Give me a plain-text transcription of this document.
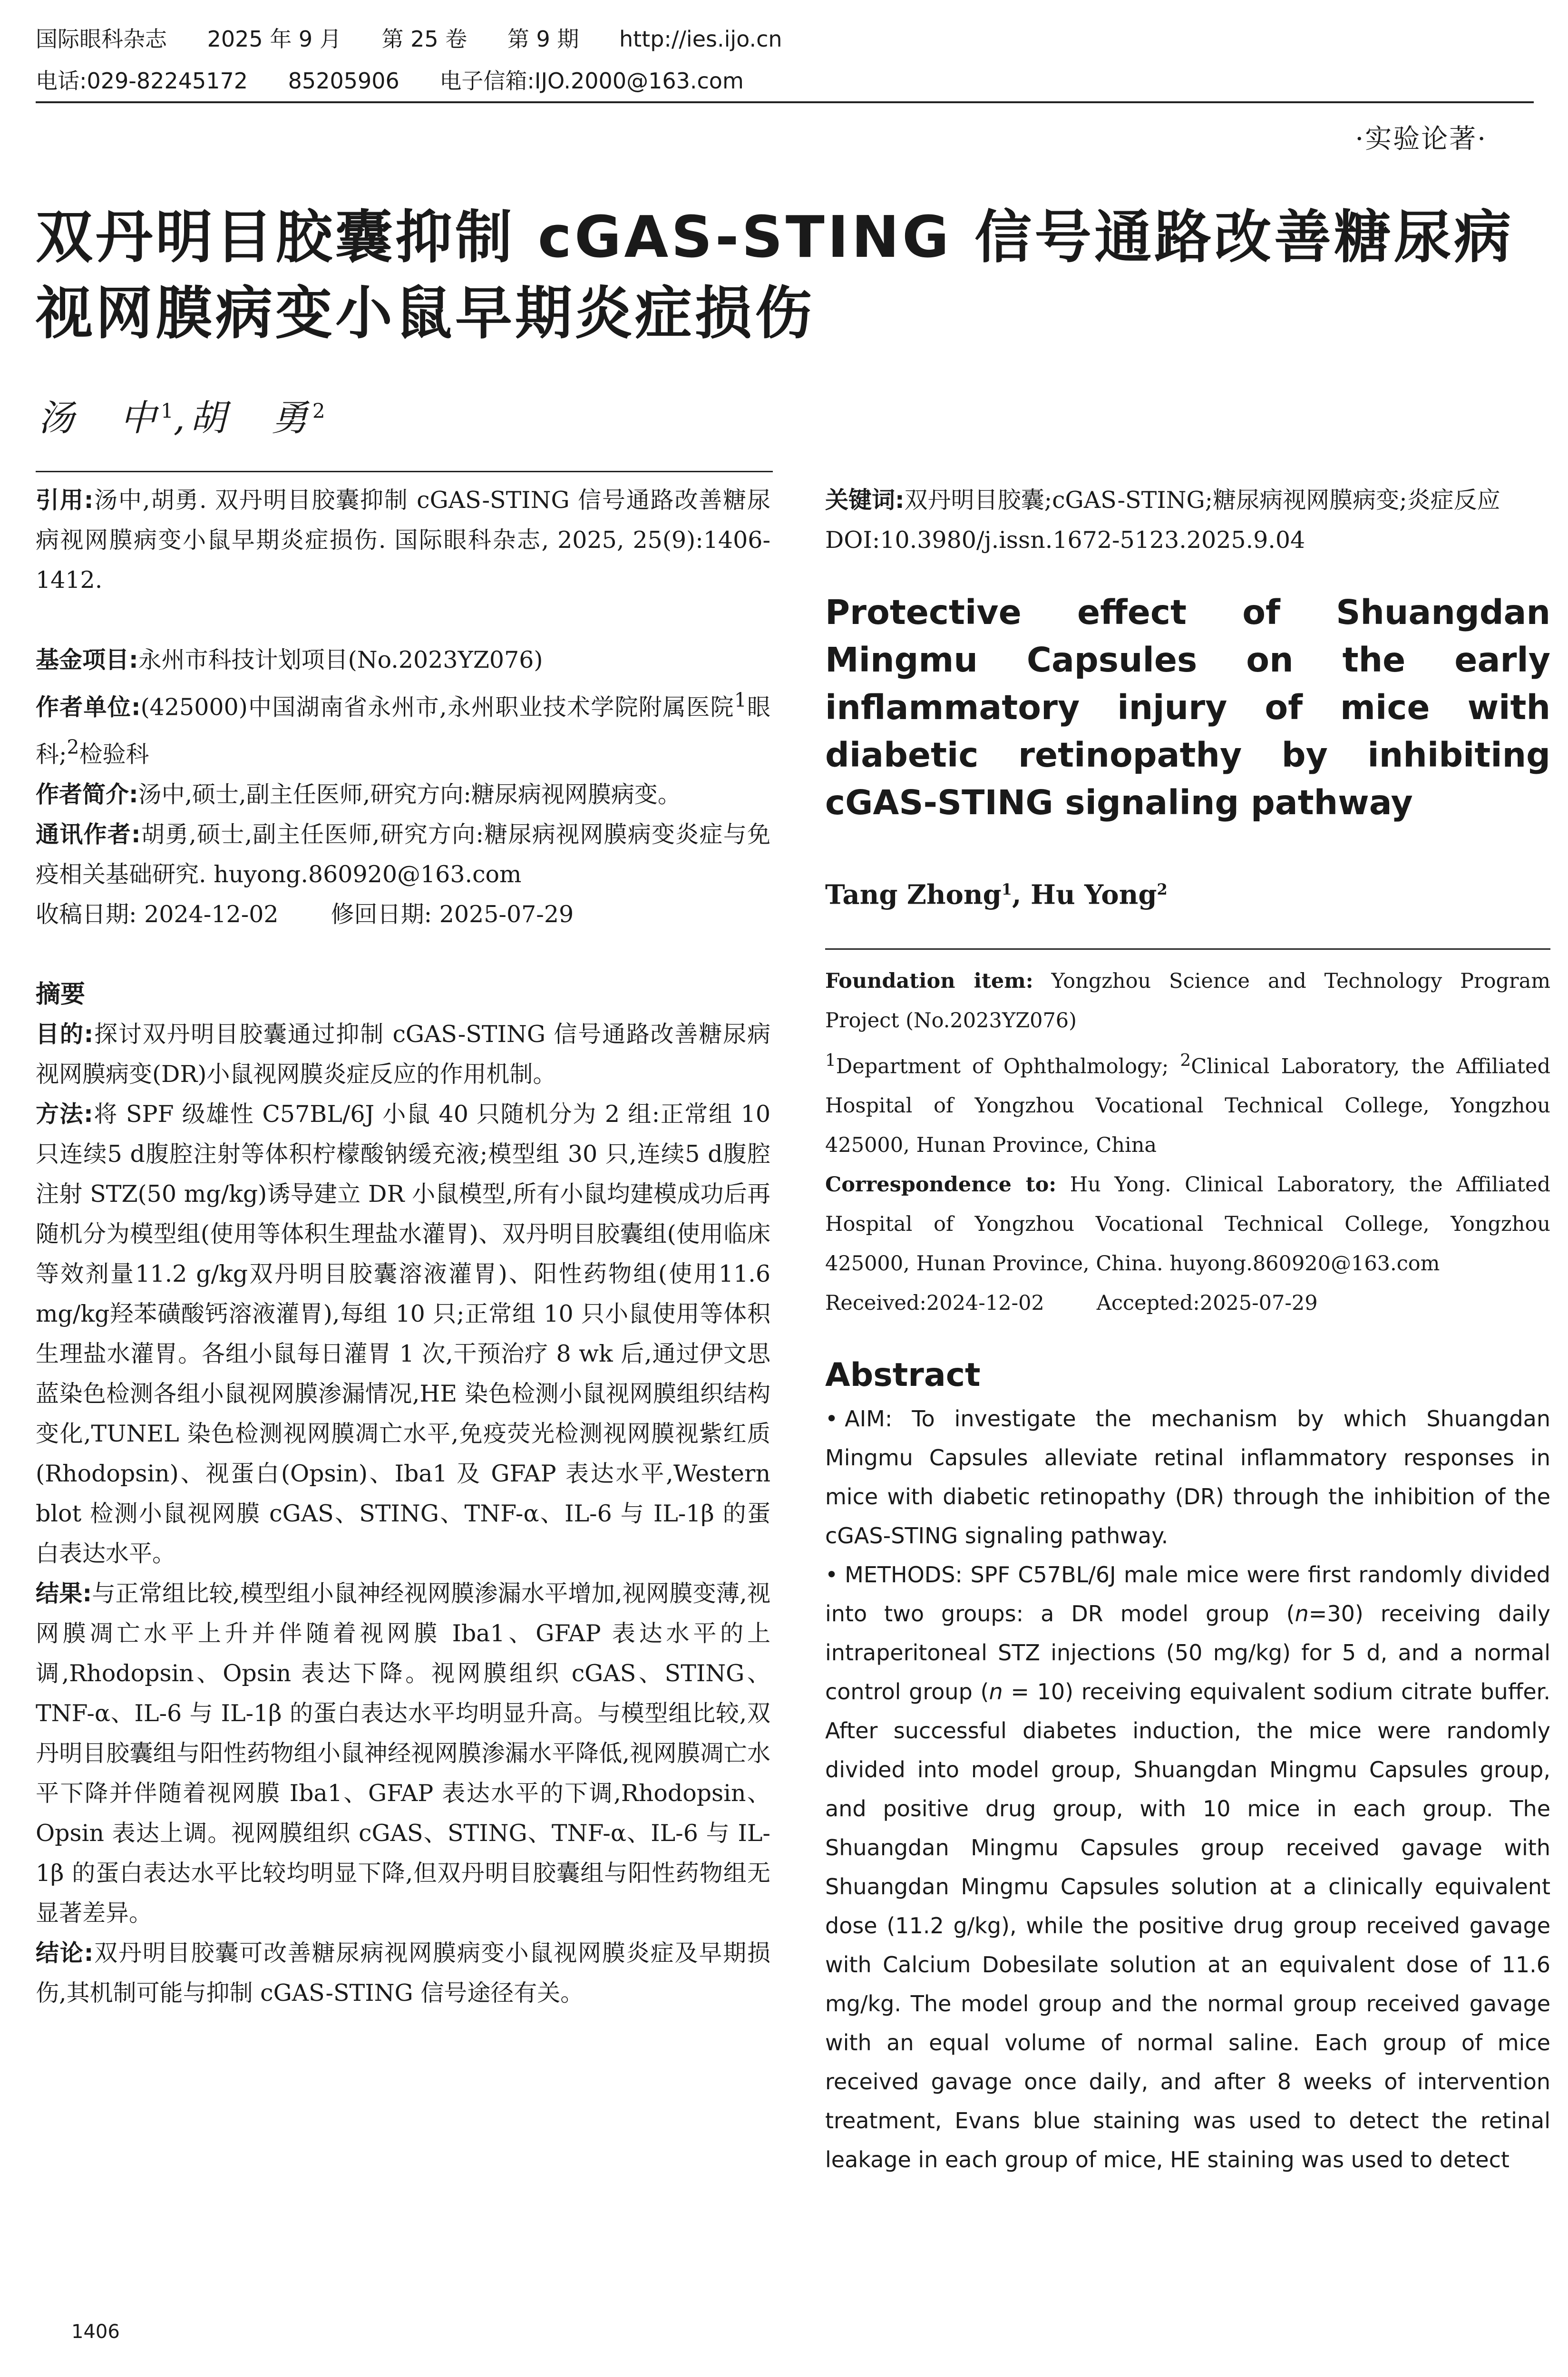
国际眼科杂志 2025 年 9 月 第 25 卷 第 9 期 http://ies.ijo.cn
电话:029-82245172 85205906 电子信箱:IJO.2000@163.com
·实验论著·
双丹明目胶囊抑制 cGAS-STING 信号通路改善糖尿病
视网膜病变小鼠早期炎症损伤
汤　中$^1$,胡　勇$^2$

引用:汤中,胡勇. 双丹明目胶囊抑制 cGAS-STING 信号通路改善糖尿病视网膜病变小鼠早期炎症损伤. 国际眼科杂志, 2025, 25(9):1406-1412.

基金项目:永州市科技计划项目(No.2023YZ076)

作者单位:(425000)中国湖南省永州市,永州职业技术学院附属医院$^1$眼科;$^2$检验科

作者简介:汤中,硕士,副主任医师,研究方向:糖尿病视网膜病变。

通讯作者:胡勇,硕士,副主任医师,研究方向:糖尿病视网膜病变炎症与免疫相关基础研究. huyong.860920@163.com

收稿日期: 2024-12-02 修回日期: 2025-07-29

摘要

目的:探讨双丹明目胶囊通过抑制 cGAS-STING 信号通路改善糖尿病视网膜病变(DR)小鼠视网膜炎症反应的作用机制。

方法:将 SPF 级雄性 C57BL/6J 小鼠 40 只随机分为 2 组:正常组 10 只连续5 d腹腔注射等体积柠檬酸钠缓充液;模型组 30 只,连续5 d腹腔注射 STZ(50 mg/kg)诱导建立 DR 小鼠模型,所有小鼠均建模成功后再随机分为模型组(使用等体积生理盐水灌胃)、双丹明目胶囊组(使用临床等效剂量11.2 g/kg双丹明目胶囊溶液灌胃)、阳性药物组(使用11.6 mg/kg羟苯磺酸钙溶液灌胃),每组 10 只;正常组 10 只小鼠使用等体积生理盐水灌胃。各组小鼠每日灌胃 1 次,干预治疗 8 wk 后,通过伊文思蓝染色检测各组小鼠视网膜渗漏情况,HE 染色检测小鼠视网膜组织结构变化,TUNEL 染色检测视网膜凋亡水平,免疫荧光检测视网膜视紫红质(Rhodopsin)、视蛋白(Opsin)、Iba1 及 GFAP 表达水平,Western blot 检测小鼠视网膜 cGAS、STING、TNF-α、IL-6 与 IL-1β 的蛋白表达水平。

结果:与正常组比较,模型组小鼠神经视网膜渗漏水平增加,视网膜变薄,视网膜凋亡水平上升并伴随着视网膜 Iba1、GFAP 表达水平的上调,Rhodopsin、Opsin 表达下降。视网膜组织 cGAS、STING、TNF-α、IL-6 与 IL-1β 的蛋白表达水平均明显升高。与模型组比较,双丹明目胶囊组与阳性药物组小鼠神经视网膜渗漏水平降低,视网膜凋亡水平下降并伴随着视网膜 Iba1、GFAP 表达水平的下调,Rhodopsin、Opsin 表达上调。视网膜组织 cGAS、STING、TNF-α、IL-6 与 IL-1β 的蛋白表达水平比较均明显下降,但双丹明目胶囊组与阳性药物组无显著差异。

结论:双丹明目胶囊可改善糖尿病视网膜病变小鼠视网膜炎症及早期损伤,其机制可能与抑制 cGAS-STING 信号途径有关。

1406

关键词:双丹明目胶囊;cGAS-STING;糖尿病视网膜病变;炎症反应

DOI:10.3980/j.issn.1672-5123.2025.9.04

Protective effect of Shuangdan Mingmu Capsules on the early inflammatory injury of mice with diabetic retinopathy by inhibiting cGAS-STING signaling pathway
Tang Zhong$^1$, Hu Yong$^2$

Foundation item: Yongzhou Science and Technology Program Project (No.2023YZ076)

$^1$Department of Ophthalmology; $^2$Clinical Laboratory, the Affiliated Hospital of Yongzhou Vocational Technical College, Yongzhou 425000, Hunan Province, China

Correspondence to: Hu Yong. Clinical Laboratory, the Affiliated Hospital of Yongzhou Vocational Technical College, Yongzhou 425000, Hunan Province, China. huyong.860920@163.com

Received:2024-12-02	Accepted:2025-07-29

Abstract

• AIM: To investigate the mechanism by which Shuangdan Mingmu Capsules alleviate retinal inflammatory responses in mice with diabetic retinopathy (DR) through the inhibition of the cGAS-STING signaling pathway.

• METHODS: SPF C57BL/6J male mice were first randomly divided into two groups: a DR model group (n=30) receiving daily intraperitoneal STZ injections (50 mg/kg) for 5 d, and a normal control group (n = 10) receiving equivalent sodium citrate buffer. After successful diabetes induction, the mice were randomly divided into model group, Shuangdan Mingmu Capsules group, and positive drug group, with 10 mice in each group. The Shuangdan Mingmu Capsules group received gavage with Shuangdan Mingmu Capsules solution at a clinically equivalent dose (11.2 g/kg), while the positive drug group received gavage with Calcium Dobesilate solution at an equivalent dose of 11.6 mg/kg. The model group and the normal group received gavage with an equal volume of normal saline. Each group of mice received gavage once daily, and after 8 weeks of intervention treatment, Evans blue staining was used to detect the retinal leakage in each group of mice, HE staining was used to detect
